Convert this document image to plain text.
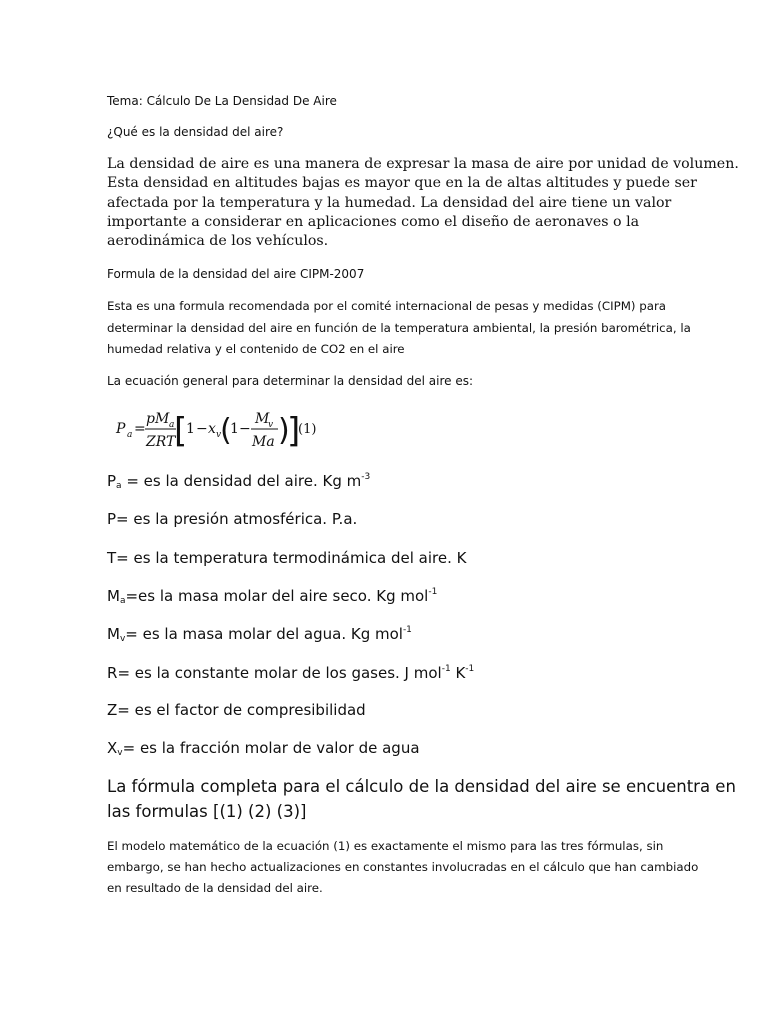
Tema: Cálculo De La Densidad De Aire
¿Qué es la densidad del aire?
La densidad de aire es una manera de expresar la masa de aire por unidad de volumen.
Esta densidad en altitudes bajas es mayor que en la de altas altitudes y puede ser
afectada por la temperatura y la humedad. La densidad del aire tiene un valor
importante a considerar en aplicaciones como el diseño de aeronaves o la
aerodinámica de los vehículos.
Formula de la densidad del aire CIPM-2007
Esta es una formula recomendada por el comité internacional de pesas y medidas (CIPM) para
determinar la densidad del aire en función de la temperatura ambiental, la presión barométrica, la
humedad relativa y el contenido de CO2 en el aire
La ecuación general para determinar la densidad del aire es:
P a =
pM a
ZRT
[
1 − x v
(
1 −
M
v
Ma )
]
(1)
$P_a$ = es la densidad del aire. Kg $m^{-3}$
P= es la presión atmosférica. P.a.
T= es la temperatura termodinámica del aire. K
$M_a=es$ la masa molar del aire seco. Kg mol$^{-1}$
$M_v=$ es la masa molar del agua. Kg mol$^{-1}$
R= es la constante molar de los gases. J mol$^{-1}$ $K^{-1}$
Z= es el factor de compresibilidad
$X_v=$ es la fracción molar de valor de agua
La fórmula completa para el cálculo de la densidad del aire se encuentra en
las formulas [(1) (2) (3)]
El modelo matemático de la ecuación (1) es exactamente el mismo para las tres fórmulas, sin
embargo, se han hecho actualizaciones en constantes involucradas en el cálculo que han cambiado
en resultado de la densidad del aire.
